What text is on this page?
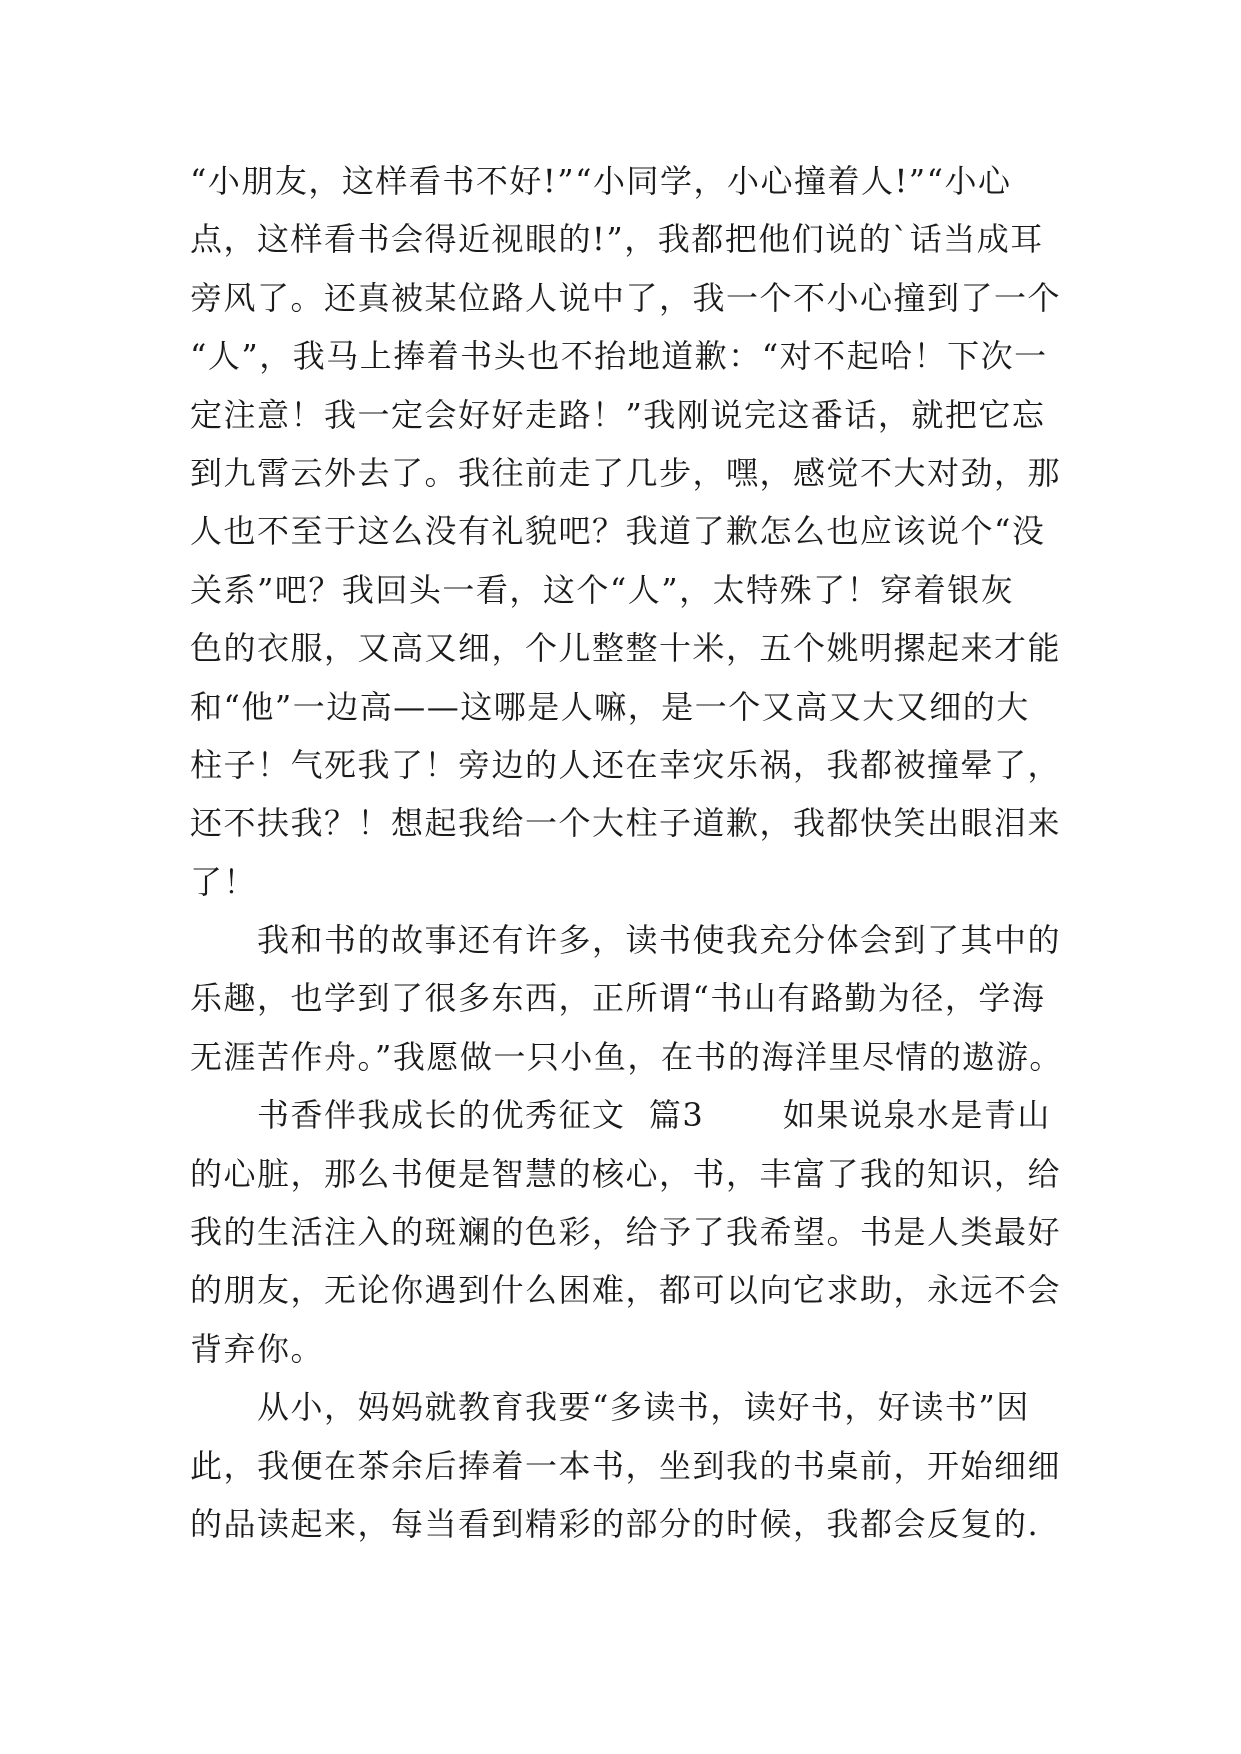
“小朋友，这样看书不好!”“小同学，小心撞着人!”“小心
点，这样看书会得近视眼的!”，我都把他们说的`话当成耳
旁风了。还真被某位路人说中了，我一个不小心撞到了一个
“人”，我马上捧着书头也不抬地道歉：“对不起哈！下次一
定注意！我一定会好好走路！”我刚说完这番话，就把它忘
到九霄云外去了。我往前走了几步，嘿，感觉不大对劲，那
人也不至于这么没有礼貌吧？我道了歉怎么也应该说个“没
关系”吧？我回头一看，这个“人”，太特殊了！穿着银灰
色的衣服，又高又细，个儿整整十米，五个姚明摞起来才能
和“他”一边高——这哪是人嘛，是一个又高又大又细的大
柱子！气死我了！旁边的人还在幸灾乐祸，我都被撞晕了，
还不扶我？！想起我给一个大柱子道歉，我都快笑出眼泪来
了！
　　我和书的故事还有许多，读书使我充分体会到了其中的
乐趣，也学到了很多东西，正所谓“书山有路勤为径，学海
无涯苦作舟。”我愿做一只小鱼，在书的海洋里尽情的遨游。
　　书香伴我成长的优秀征文  篇3 　　如果说泉水是青山
的心脏，那么书便是智慧的核心，书，丰富了我的知识，给
我的生活注入的斑斓的色彩，给予了我希望。书是人类最好
的朋友，无论你遇到什么困难，都可以向它求助，永远不会
背弃你。
　　从小，妈妈就教育我要“多读书，读好书，好读书”因
此，我便在茶余后捧着一本书，坐到我的书桌前，开始细细
的品读起来，每当看到精彩的部分的时候，我都会反复的.
